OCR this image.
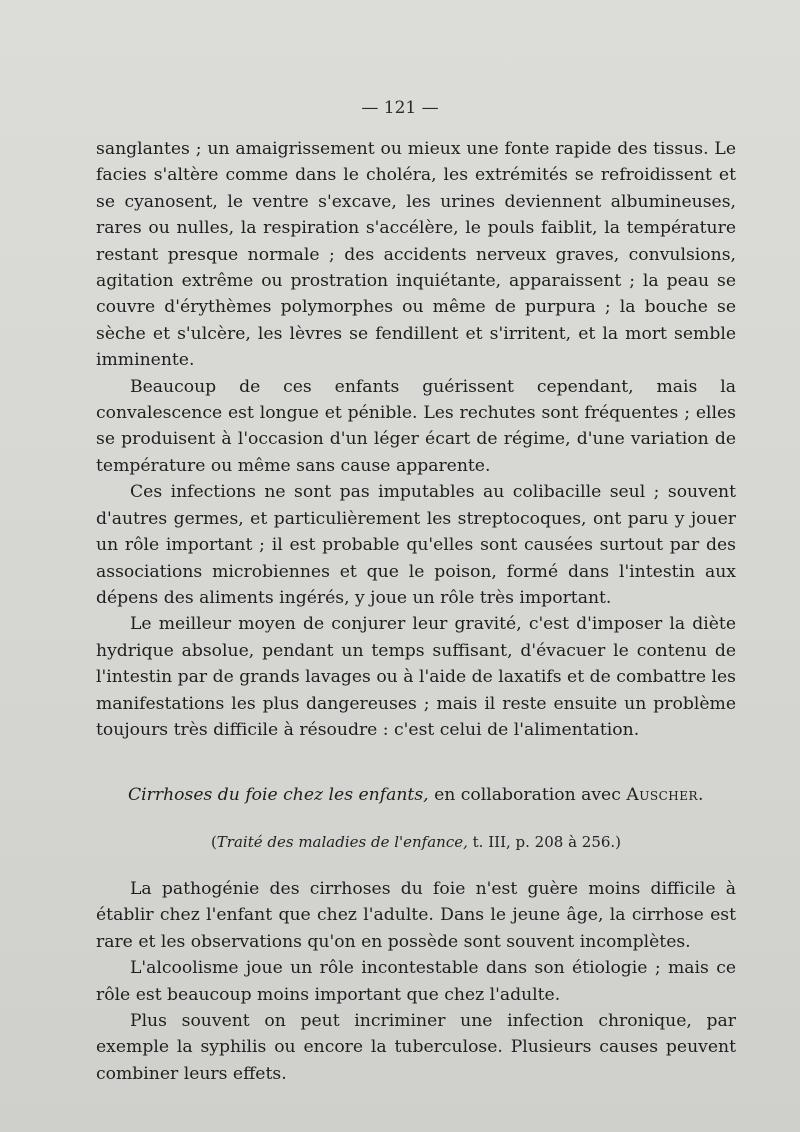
— 121 —

sanglantes ; un amaigrissement ou mieux une fonte rapide des tissus. Le facies s'altère comme dans le choléra, les extrémités se refroidissent et se cyanosent, le ventre s'excave, les urines deviennent albumineuses, rares ou nulles, la respiration s'accélère, le pouls faiblit, la température restant presque normale ; des accidents nerveux graves, convulsions, agitation extrême ou prostration inquiétante, apparaissent ; la peau se couvre d'érythèmes polymorphes ou même de purpura ; la bouche se sèche et s'ulcère, les lèvres se fendillent et s'irritent, et la mort semble imminente.

Beaucoup de ces enfants guérissent cependant, mais la convalescence est longue et pénible. Les rechutes sont fréquentes ; elles se produisent à l'occasion d'un léger écart de régime, d'une variation de température ou même sans cause apparente.

Ces infections ne sont pas imputables au colibacille seul ; souvent d'autres germes, et particulièrement les streptocoques, ont paru y jouer un rôle important ; il est probable qu'elles sont causées surtout par des associations microbiennes et que le poison, formé dans l'intestin aux dépens des aliments ingérés, y joue un rôle très important.

Le meilleur moyen de conjurer leur gravité, c'est d'imposer la diète hydrique absolue, pendant un temps suffisant, d'évacuer le contenu de l'intestin par de grands lavages ou à l'aide de laxatifs et de combattre les manifestations les plus dangereuses ; mais il reste ensuite un problème toujours très difficile à résoudre : c'est celui de l'alimentation.

Cirrhoses du foie chez les enfants, en collaboration avec Auscher.
(Traité des maladies de l'enfance, t. III, p. 208 à 256.)

La pathogénie des cirrhoses du foie n'est guère moins difficile à établir chez l'enfant que chez l'adulte. Dans le jeune âge, la cirrhose est rare et les observations qu'on en possède sont souvent incomplètes.

L'alcoolisme joue un rôle incontestable dans son étiologie ; mais ce rôle est beaucoup moins important que chez l'adulte.

Plus souvent on peut incriminer une infection chronique, par exemple la syphilis ou encore la tuberculose. Plusieurs causes peuvent combiner leurs effets.
